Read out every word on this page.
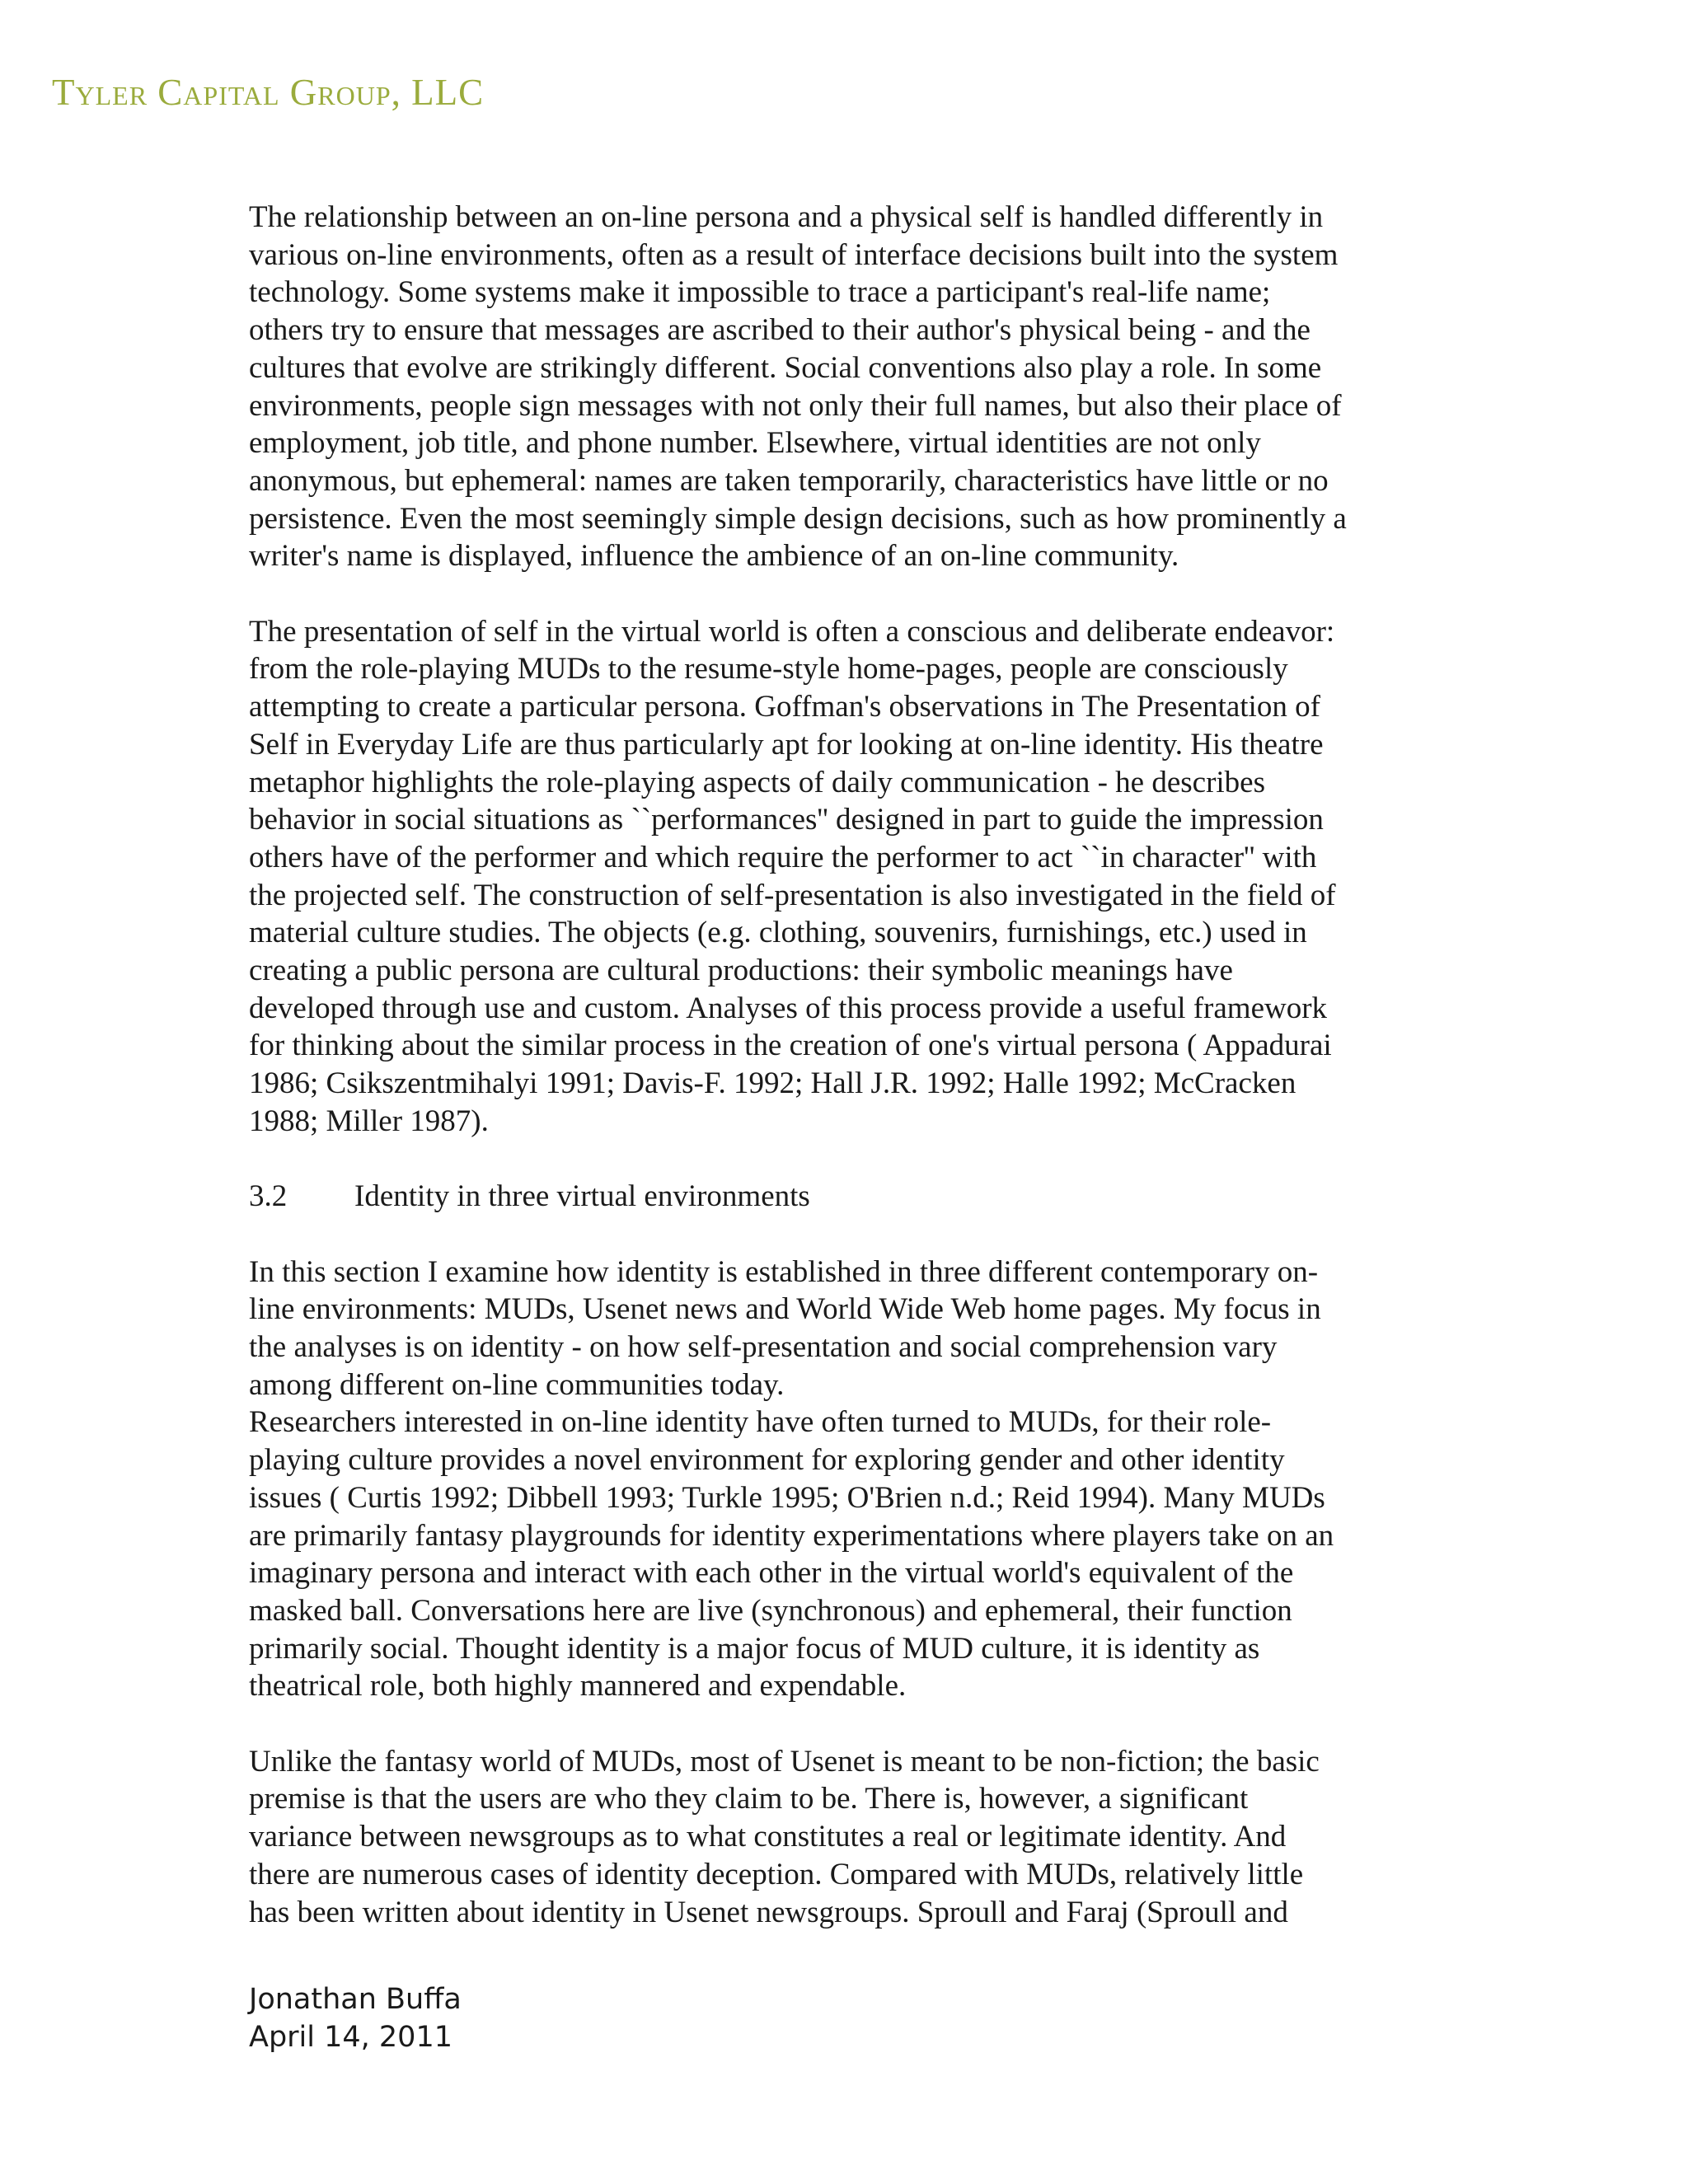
Tyler Capital Group, LLC
The relationship between an on-line persona and a physical self is handled differently in
various on-line environments, often as a result of interface decisions built into the system
technology. Some systems make it impossible to trace a participant's real-life name;
others try to ensure that messages are ascribed to their author's physical being - and the
cultures that evolve are strikingly different. Social conventions also play a role. In some
environments, people sign messages with not only their full names, but also their place of
employment, job title, and phone number. Elsewhere, virtual identities are not only
anonymous, but ephemeral: names are taken temporarily, characteristics have little or no
persistence. Even the most seemingly simple design decisions, such as how prominently a
writer's name is displayed, influence the ambience of an on-line community.
The presentation of self in the virtual world is often a conscious and deliberate endeavor:
from the role-playing MUDs to the resume-style home-pages, people are consciously
attempting to create a particular persona. Goffman's observations in The Presentation of
Self in Everyday Life are thus particularly apt for looking at on-line identity. His theatre
metaphor highlights the role-playing aspects of daily communication - he describes
behavior in social situations as ``performances'' designed in part to guide the impression
others have of the performer and which require the performer to act ``in character'' with
the projected self. The construction of self-presentation is also investigated in the field of
material culture studies. The objects (e.g. clothing, souvenirs, furnishings, etc.) used in
creating a public persona are cultural productions: their symbolic meanings have
developed through use and custom. Analyses of this process provide a useful framework
for thinking about the similar process in the creation of one's virtual persona ( Appadurai
1986; Csikszentmihalyi 1991; Davis-F. 1992; Hall J.R. 1992; Halle 1992; McCracken
1988; Miller 1987).
3.2 Identity in three virtual environments
In this section I examine how identity is established in three different contemporary on-
line environments: MUDs, Usenet news and World Wide Web home pages. My focus in
the analyses is on identity - on how self-presentation and social comprehension vary
among different on-line communities today.
Researchers interested in on-line identity have often turned to MUDs, for their role-
playing culture provides a novel environment for exploring gender and other identity
issues ( Curtis 1992; Dibbell 1993; Turkle 1995; O'Brien n.d.; Reid 1994). Many MUDs
are primarily fantasy playgrounds for identity experimentations where players take on an
imaginary persona and interact with each other in the virtual world's equivalent of the
masked ball. Conversations here are live (synchronous) and ephemeral, their function
primarily social. Thought identity is a major focus of MUD culture, it is identity as
theatrical role, both highly mannered and expendable.
Unlike the fantasy world of MUDs, most of Usenet is meant to be non-fiction; the basic
premise is that the users are who they claim to be. There is, however, a significant
variance between newsgroups as to what constitutes a real or legitimate identity. And
there are numerous cases of identity deception. Compared with MUDs, relatively little
has been written about identity in Usenet newsgroups. Sproull and Faraj (Sproull and
Jonathan Buffa
April 14, 2011
